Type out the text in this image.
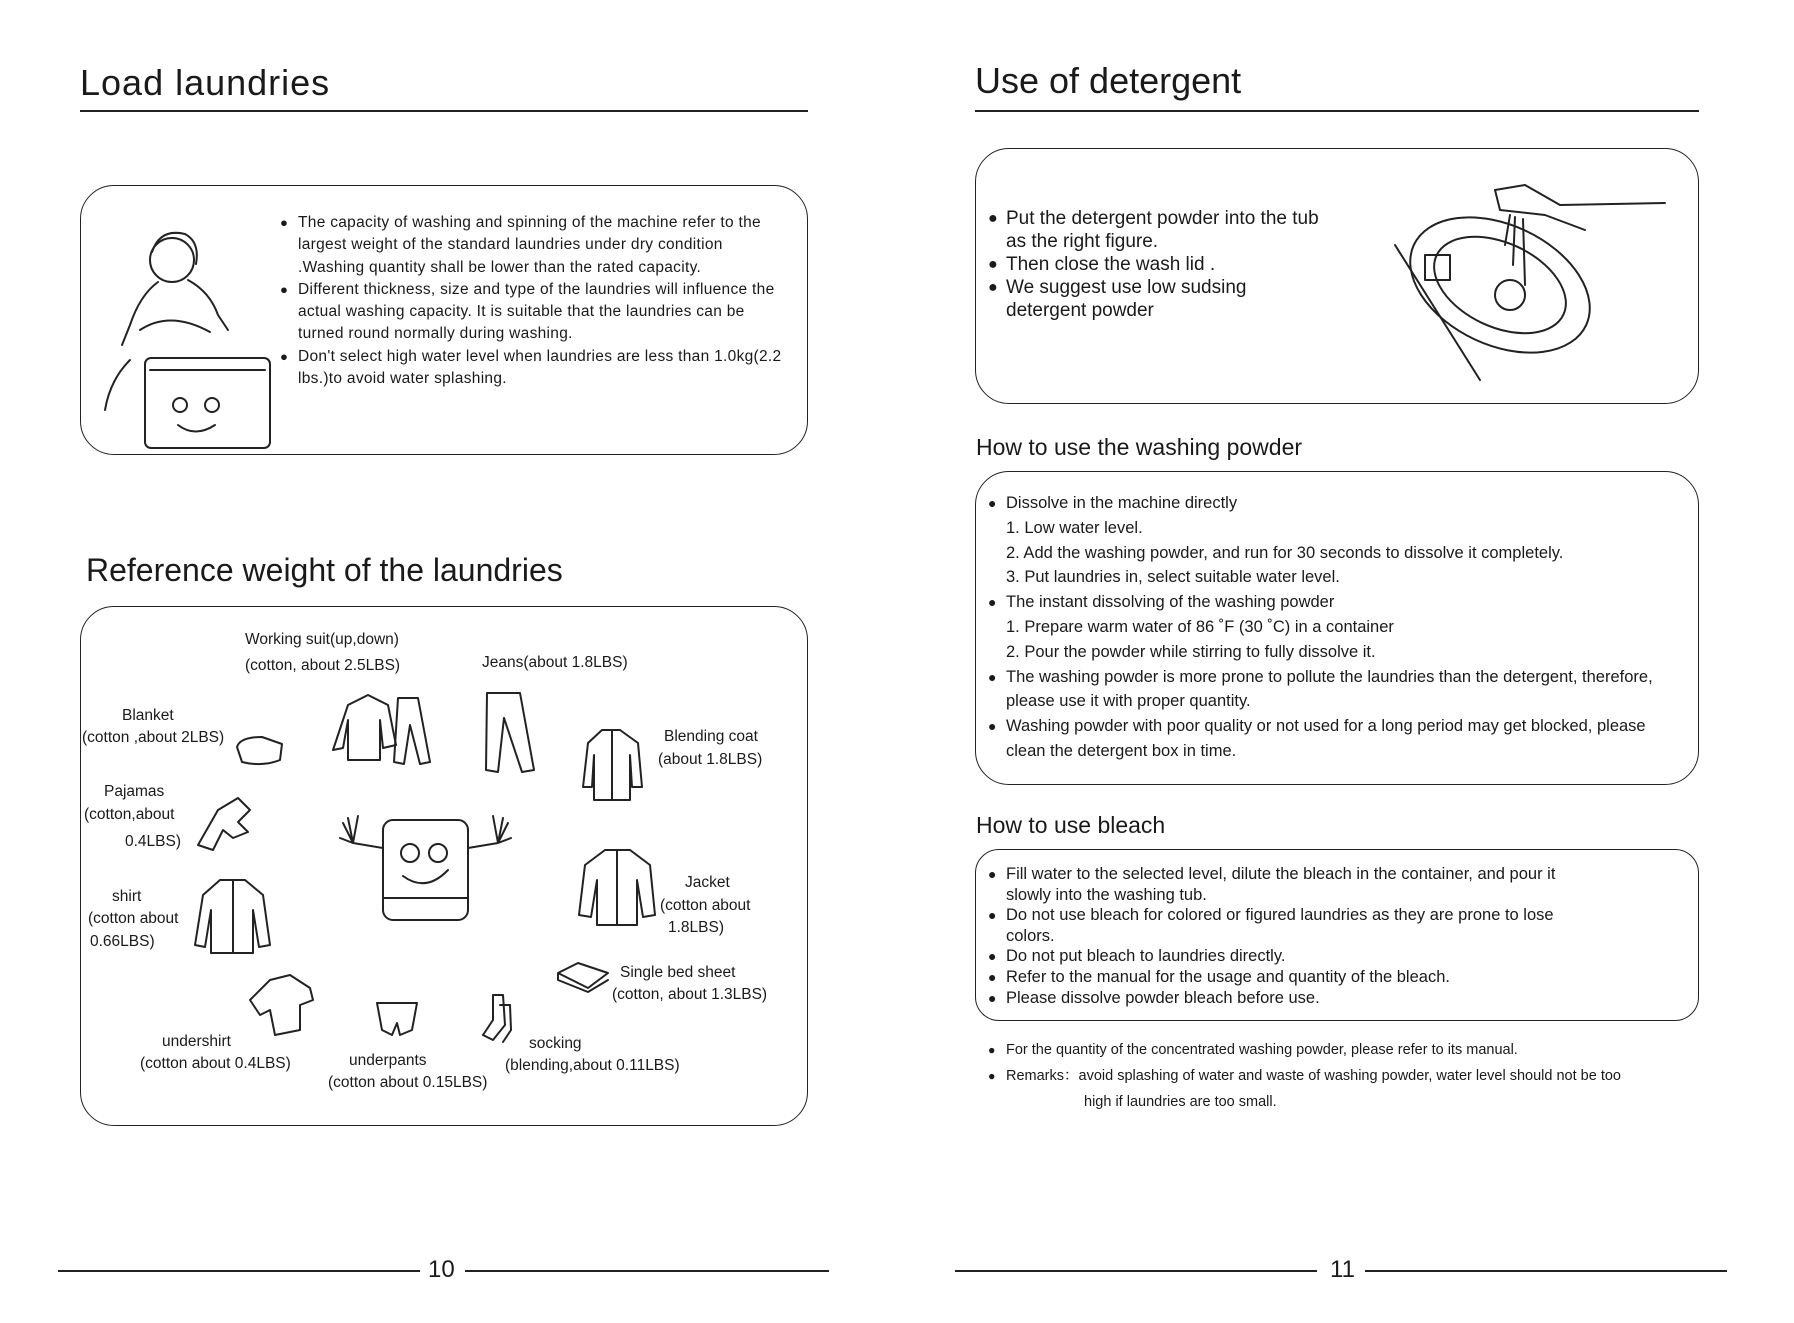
Load laundries
● The capacity of washing and spinning of the machine refer to the largest weight of the standard laundries under dry condition .Washing quantity shall be lower than the rated capacity.
● Different thickness, size and type of the laundries will influence the actual washing capacity. It is suitable that the laundries can be turned round normally during washing.
● Don't select high water level when laundries are less than 1.0kg(2.2 lbs.)to avoid water splashing.
Reference weight of the laundries
Working suit(up,down)
(cotton, about 2.5LBS)	Jeans(about 1.8LBS)
Blanket
(cotton ,about 2LBS)	Blending coat
(about 1.8LBS)
Pajamas
(cotton,about
0.4LBS)
shirt
(cotton about
0.66LBS)
Jacket
(cotton about
1.8LBS)
Single bed sheet
(cotton, about 1.3LBS)
undershirt
(cotton about 0.4LBS)	underpants
(cotton about 0.15LBS)
socking
(blending,about 0.11LBS)
10
Use of detergent
● Put the detergent powder into the tub as the right figure.
● Then close the wash lid .
● We suggest use low sudsing detergent powder
How to use the washing powder
● Dissolve in the machine directly
1. Low water level.
2. Add the washing powder, and run for 30 seconds to dissolve it completely.
3. Put laundries in, select suitable water level.
● The instant dissolving of the washing powder
1. Prepare warm water of 86 ˚F (30 ˚C) in a container
2. Pour the powder while stirring to fully dissolve it.
● The washing powder is more prone to pollute the laundries than the detergent, therefore, please use it with proper quantity.
● Washing powder with poor quality or not used for a long period may get blocked, please clean the detergent box in time.
How to use bleach
● Fill water to the selected level, dilute the bleach in the container, and pour it slowly into the washing tub.
● Do not use bleach for colored or figured laundries as they are prone to lose colors.
● Do not put bleach to laundries directly.
● Refer to the manual for the usage and quantity of the bleach.
● Please dissolve powder bleach before use.
● For the quantity of the concentrated washing powder, please refer to its manual.
● Remarks：avoid splashing of water and waste of washing powder, water level should not be too
high if laundries are too small.
11
